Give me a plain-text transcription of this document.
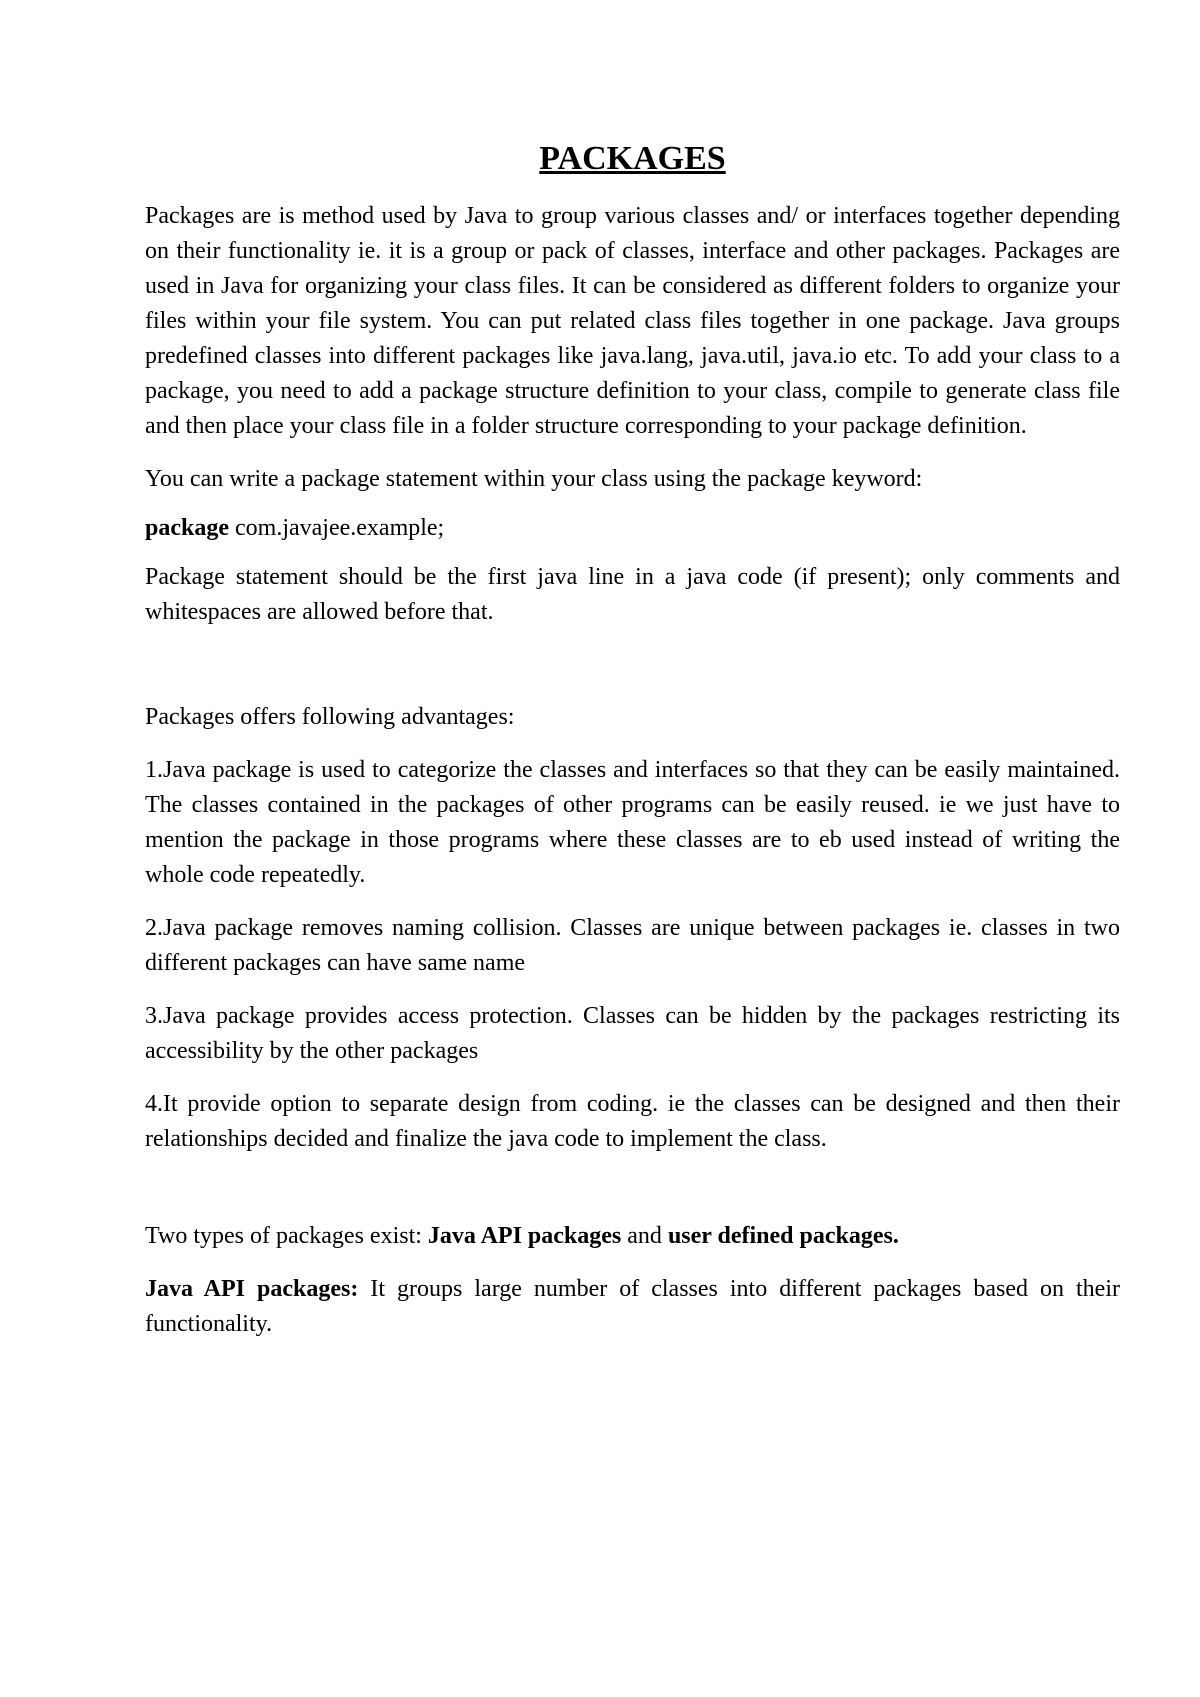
PACKAGES

Packages are is method used by Java to group various classes and/ or interfaces together depending on their functionality ie. it is a group or pack of classes, interface and other packages. Packages are used in Java for organizing your class files. It can be considered as different folders to organize your files within your file system. You can put related class files together in one package. Java groups predefined classes into different packages like java.lang, java.util, java.io etc. To add your class to a package, you need to add a package structure definition to your class, compile to generate class file and then place your class file in a folder structure corresponding to your package definition.

You can write a package statement within your class using the package keyword:

package com.javajee.example;

Package statement should be the first java line in a java code (if present); only comments and whitespaces are allowed before that.

Packages offers following advantages:

1.Java package is used to categorize the classes and interfaces so that they can be easily maintained. The classes contained in the packages of other programs can be easily reused. ie we just have to mention the package in those programs where these classes are to eb used instead of writing the whole code repeatedly.

2.Java package removes naming collision. Classes are unique between packages ie. classes in two different packages can have same name

3.Java package provides access protection. Classes can be hidden by the packages restricting its accessibility by the other packages

4.It provide option to separate design from coding. ie the classes can be designed and then their relationships decided and finalize the java code to implement the class.

Two types of packages exist: Java API packages and user defined packages.

Java API packages: It groups large number of classes into different packages based on their functionality.
